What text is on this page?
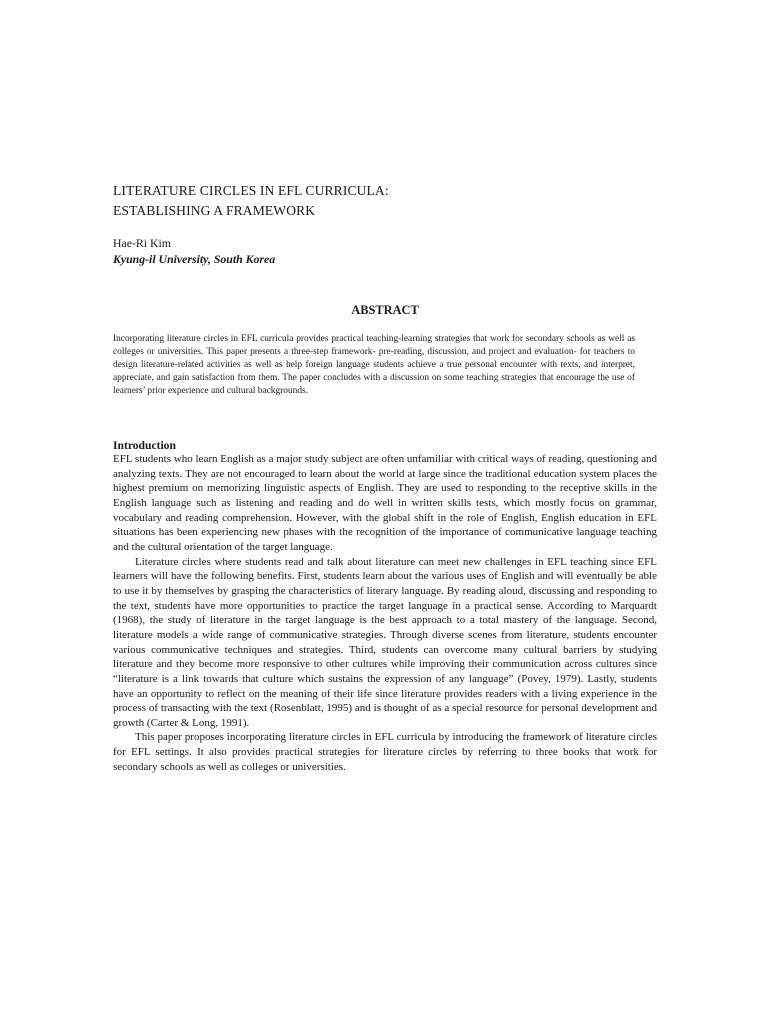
LITERATURE CIRCLES IN EFL CURRICULA:
ESTABLISHING A FRAMEWORK
Hae-Ri Kim
Kyung-il University, South Korea
ABSTRACT
Incorporating literature circles in EFL curricula provides practical teaching-learning strategies that work for secondary schools as well as colleges or universities. This paper presents a three-step framework- pre-reading, discussion, and project and evaluation- for teachers to design literature-related activities as well as help foreign language students achieve a true personal encounter with texts, and interpret, appreciate, and gain satisfaction from them. The paper concludes with a discussion on some teaching strategies that encourage the use of learners’ prior experience and cultural backgrounds.
Introduction

EFL students who learn English as a major study subject are often unfamiliar with critical ways of reading, questioning and analyzing texts. They are not encouraged to learn about the world at large since the traditional education system places the highest premium on memorizing linguistic aspects of English. They are used to responding to the receptive skills in the English language such as listening and reading and do well in written skills tests, which mostly focus on grammar, vocabulary and reading comprehension. However, with the global shift in the role of English, English education in EFL situations has been experiencing new phases with the recognition of the importance of communicative language teaching and the cultural orientation of the target language.

Literature circles where students read and talk about literature can meet new challenges in EFL teaching since EFL learners will have the following benefits. First, students learn about the various uses of English and will eventually be able to use it by themselves by grasping the characteristics of literary language. By reading aloud, discussing and responding to the text, students have more opportunities to practice the target language in a practical sense. According to Marquardt (1968), the study of literature in the target language is the best approach to a total mastery of the language. Second, literature models a wide range of communicative strategies. Through diverse scenes from literature, students encounter various communicative techniques and strategies. Third, students can overcome many cultural barriers by studying literature and they become more responsive to other cultures while improving their communication across cultures since “literature is a link towards that culture which sustains the expression of any language” (Povey, 1979). Lastly, students have an opportunity to reflect on the meaning of their life since literature provides readers with a living experience in the process of transacting with the text (Rosenblatt, 1995) and is thought of as a special resource for personal development and growth (Carter & Long, 1991).

This paper proposes incorporating literature circles in EFL curricula by introducing the framework of literature circles for EFL settings. It also provides practical strategies for literature circles by referring to three books that work for secondary schools as well as colleges or universities.
